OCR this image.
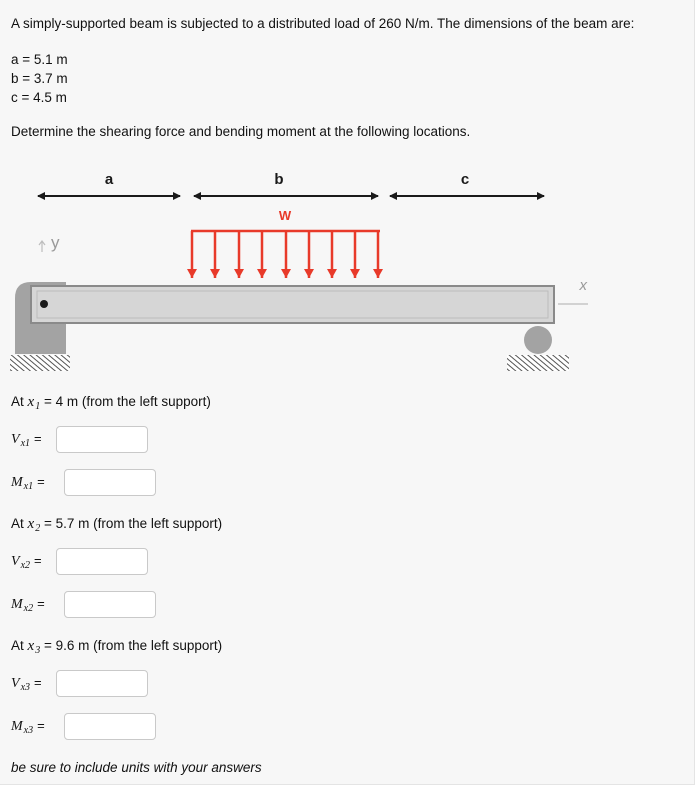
A simply-supported beam is subjected to a distributed load of 260 N/m. The dimensions of the beam are:
a = 5.1 m
b = 3.7 m
c = 4.5 m
Determine the shearing force and bending moment at the following locations.
a	b	c
W
y
x
At $x_1 = 4$ m (from the left support)
$V_{x1}$ =
$M_{x1}$ =
At $x_2 = 5.7$ m (from the left support)
$V_{x2}$ =
$M_{x2}$ =
At $x_3 = 9.6$ m (from the left support)
$V_{x3}$ =
$M_{x3}$ =
be sure to include units with your answers
